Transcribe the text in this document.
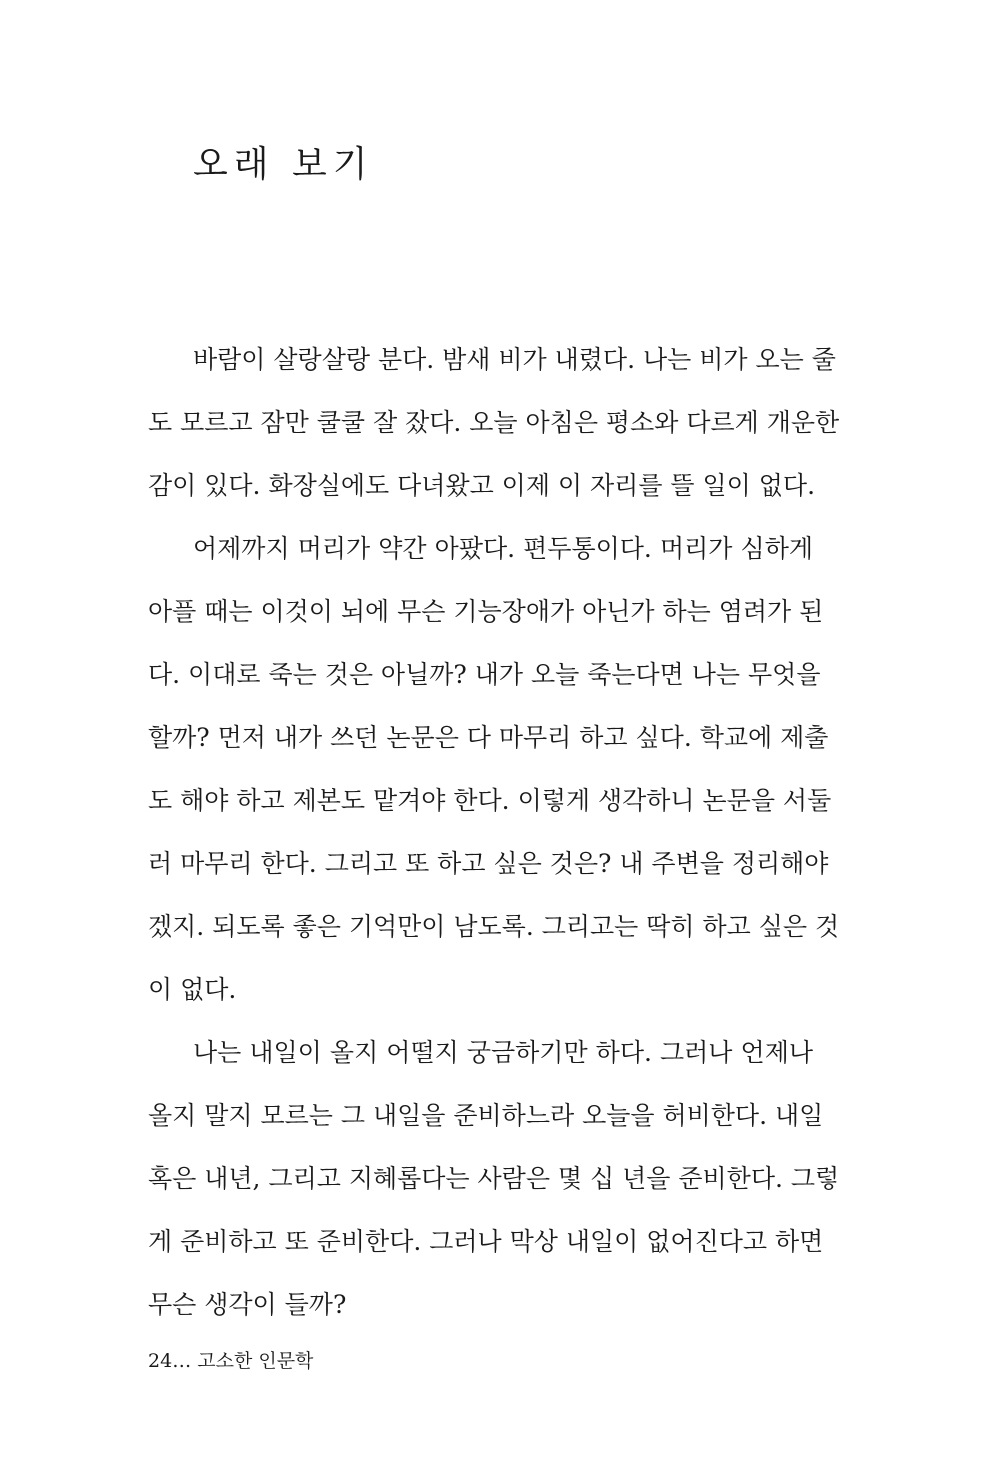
오래 보기
바람이 살랑살랑 분다. 밤새 비가 내렸다. 나는 비가 오는 줄
도 모르고 잠만 쿨쿨 잘 잤다. 오늘 아침은 평소와 다르게 개운한
감이 있다. 화장실에도 다녀왔고 이제 이 자리를 뜰 일이 없다.
어제까지 머리가 약간 아팠다. 편두통이다. 머리가 심하게
아플 때는 이것이 뇌에 무슨 기능장애가 아닌가 하는 염려가 된
다. 이대로 죽는 것은 아닐까? 내가 오늘 죽는다면 나는 무엇을
할까? 먼저 내가 쓰던 논문은 다 마무리 하고 싶다. 학교에 제출
도 해야 하고 제본도 맡겨야 한다. 이렇게 생각하니 논문을 서둘
러 마무리 한다. 그리고 또 하고 싶은 것은? 내 주변을 정리해야
겠지. 되도록 좋은 기억만이 남도록. 그리고는 딱히 하고 싶은 것
이 없다.
나는 내일이 올지 어떨지 궁금하기만 하다. 그러나 언제나
올지 말지 모르는 그 내일을 준비하느라 오늘을 허비한다. 내일
혹은 내년, 그리고 지혜롭다는 사람은 몇 십 년을 준비한다. 그렇
게 준비하고 또 준비한다. 그러나 막상 내일이 없어진다고 하면
무슨 생각이 들까?
24… 고소한 인문학
